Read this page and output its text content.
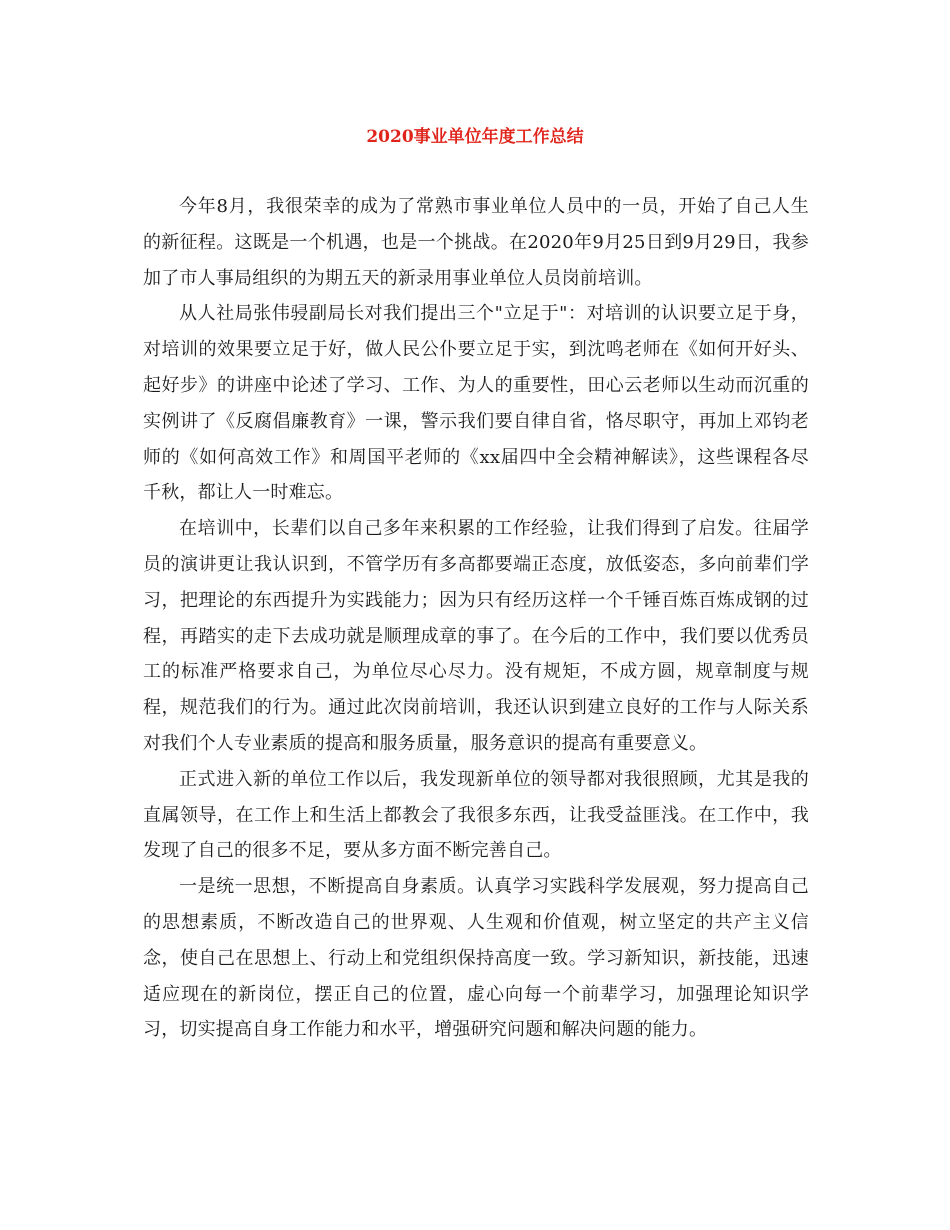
2020事业单位年度工作总结

今年8月，我很荣幸的成为了常熟市事业单位人员中的一员，开始了自己人生的新征程。这既是一个机遇，也是一个挑战。在2020年9月25日到9月29日，我参加了市人事局组织的为期五天的新录用事业单位人员岗前培训。

从人社局张伟骎副局长对我们提出三个"立足于"：对培训的认识要立足于身，对培训的效果要立足于好，做人民公仆要立足于实，到沈鸣老师在《如何开好头、起好步》的讲座中论述了学习、工作、为人的重要性，田心云老师以生动而沉重的实例讲了《反腐倡廉教育》一课，警示我们要自律自省，恪尽职守，再加上邓钧老师的《如何高效工作》和周国平老师的《xx届四中全会精神解读》，这些课程各尽千秋，都让人一时难忘。

在培训中，长辈们以自己多年来积累的工作经验，让我们得到了启发。往届学员的演讲更让我认识到，不管学历有多高都要端正态度，放低姿态，多向前辈们学习，把理论的东西提升为实践能力；因为只有经历这样一个千锤百炼百炼成钢的过程，再踏实的走下去成功就是顺理成章的事了。在今后的工作中，我们要以优秀员工的标准严格要求自己，为单位尽心尽力。没有规矩，不成方圆，规章制度与规程，规范我们的行为。通过此次岗前培训，我还认识到建立良好的工作与人际关系对我们个人专业素质的提高和服务质量，服务意识的提高有重要意义。

正式进入新的单位工作以后，我发现新单位的领导都对我很照顾，尤其是我的直属领导，在工作上和生活上都教会了我很多东西，让我受益匪浅。在工作中，我发现了自己的很多不足，要从多方面不断完善自己。

一是统一思想，不断提高自身素质。认真学习实践科学发展观，努力提高自己的思想素质，不断改造自己的世界观、人生观和价值观，树立坚定的共产主义信念，使自己在思想上、行动上和党组织保持高度一致。学习新知识，新技能，迅速适应现在的新岗位，摆正自己的位置，虚心向每一个前辈学习，加强理论知识学习，切实提高自身工作能力和水平，增强研究问题和解决问题的能力。
